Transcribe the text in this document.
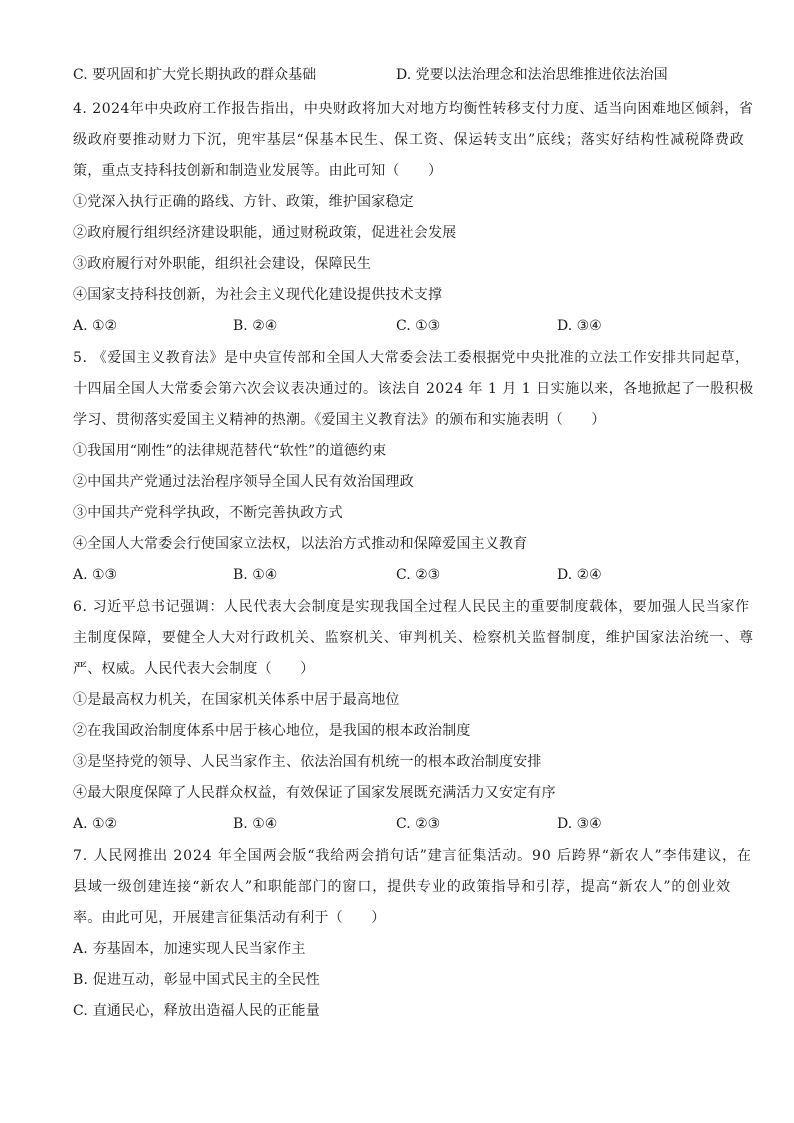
C. 要巩固和扩大党长期执政的群众基础	D. 党要以法治理念和法治思维推进依法治国
4. 2024年中央政府工作报告指出，中央财政将加大对地方均衡性转移支付力度、适当向困难地区倾斜，省
级政府要推动财力下沉，兜牢基层“保基本民生、保工资、保运转支出”底线；落实好结构性减税降费政
策，重点支持科技创新和制造业发展等。由此可知（　　）
①党深入执行正确的路线、方针、政策，维护国家稳定
②政府履行组织经济建设职能，通过财税政策，促进社会发展
③政府履行对外职能，组织社会建设，保障民生
④国家支持科技创新，为社会主义现代化建设提供技术支撑
A. ①②	B. ②④	C. ①③	D. ③④
5. 《爱国主义教育法》是中央宣传部和全国人大常委会法工委根据党中央批准的立法工作安排共同起草，
十四届全国人大常委会第六次会议表决通过的。该法自 2024 年 1 月 1 日实施以来，各地掀起了一股积极
学习、贯彻落实爱国主义精神的热潮。《爱国主义教育法》的颁布和实施表明（　　）
①我国用“刚性”的法律规范替代“软性”的道德约束
②中国共产党通过法治程序领导全国人民有效治国理政
③中国共产党科学执政，不断完善执政方式
④全国人大常委会行使国家立法权，以法治方式推动和保障爱国主义教育
A. ①③	B. ①④	C. ②③	D. ②④
6. 习近平总书记强调：人民代表大会制度是实现我国全过程人民民主的重要制度载体，要加强人民当家作
主制度保障，要健全人大对行政机关、监察机关、审判机关、检察机关监督制度，维护国家法治统一、尊
严、权威。人民代表大会制度（　　）
①是最高权力机关，在国家机关体系中居于最高地位
②在我国政治制度体系中居于核心地位，是我国的根本政治制度
③是坚持党的领导、人民当家作主、依法治国有机统一的根本政治制度安排
④最大限度保障了人民群众权益，有效保证了国家发展既充满活力又安定有序
A. ①②	B. ①④	C. ②③	D. ③④
7. 人民网推出 2024 年全国两会版“我给两会捎句话”建言征集活动。90 后跨界“新农人”李伟建议，在
县域一级创建连接“新农人”和职能部门的窗口，提供专业的政策指导和引荐，提高“新农人”的创业效
率。由此可见，开展建言征集活动有利于（　　）
A. 夯基固本，加速实现人民当家作主
B. 促进互动，彰显中国式民主的全民性
C. 直通民心，释放出造福人民的正能量
